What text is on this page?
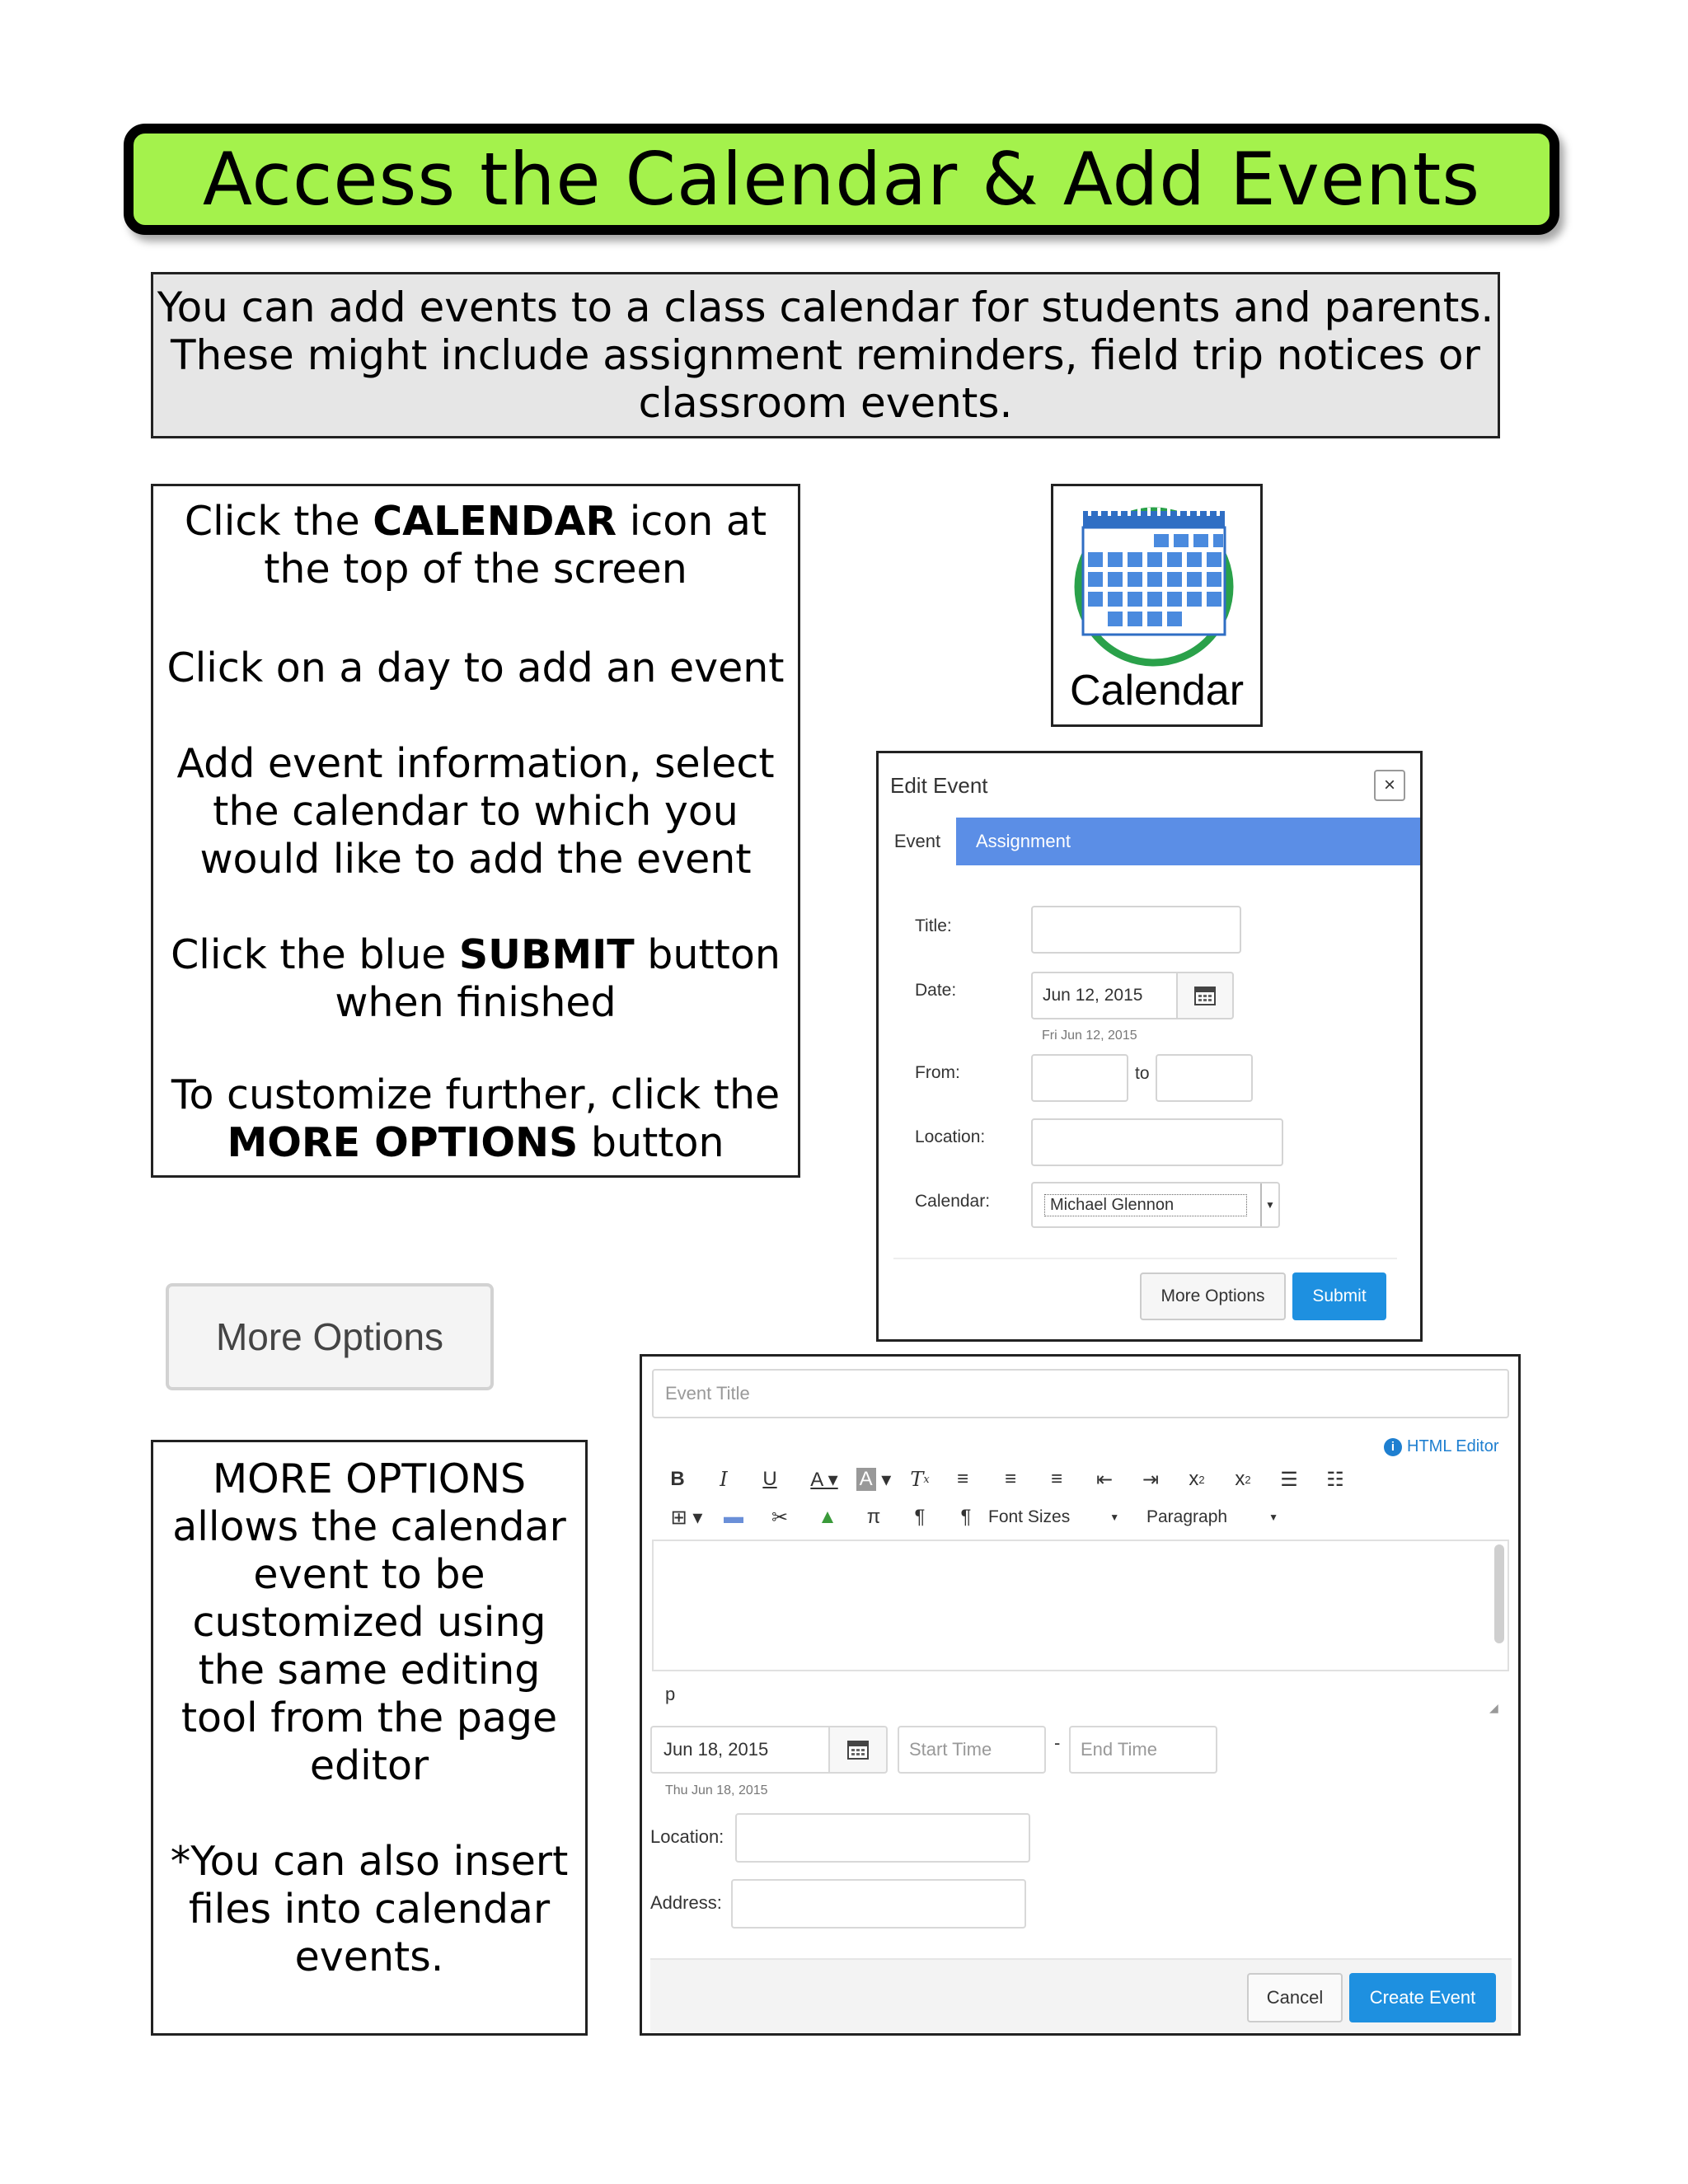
Access the Calendar & Add Events
You can add events to a class calendar for students and parents.
These might include assignment reminders, field trip notices or
classroom events.

Click the CALENDAR icon at

the top of the screen

Click on a day to add an event

Add event information, select

the calendar to which you

would like to add the event

Click the blue SUBMIT button

when finished

To customize further, click the

MORE OPTIONS button

Calendar
Edit Event	×
Event	Assignment
Title:
Date:	Jun 12, 2015
Fri Jun 12, 2015
From:	to
Location:
Calendar:	Michael Glennon	▼
More Options	Submit
More Options

MORE OPTIONS

allows the calendar

event to be

customized using

the same editing

tool from the page

editor

*You can also insert

files into calendar

events.

Event Title
i HTML Editor
B	I	U	A ▾	A ▾ T x	≡	≡	≡	⇤ ⇥	x 2	x 2 ☰ ☷
⊞ ▾ ▬ ✂ ▲ π	¶	¶ Font Sizes	▼ Paragraph	▼
p
◢
Jun 18, 2015	Start Time	- End Time
Thu Jun 18, 2015
Location:
Address:
Cancel	Create Event
